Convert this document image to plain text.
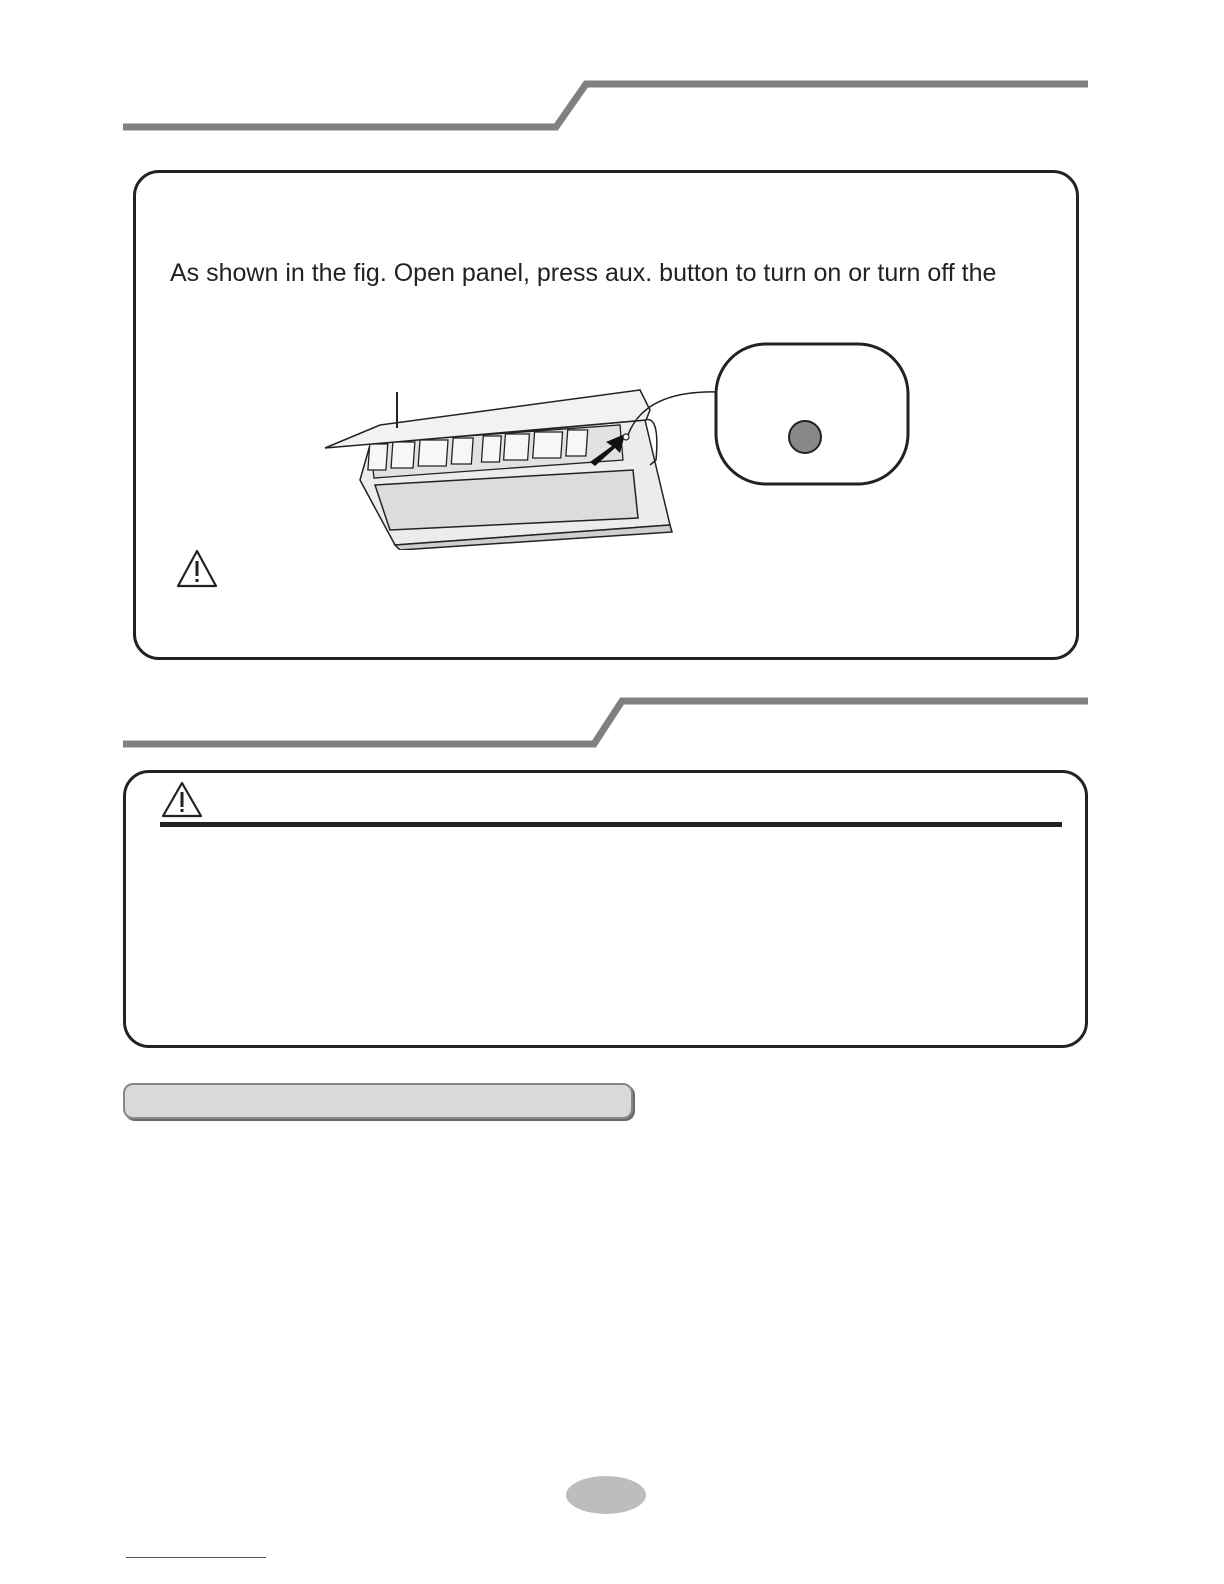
As shown in the fig. Open panel, press aux. button to turn on or turn off the
